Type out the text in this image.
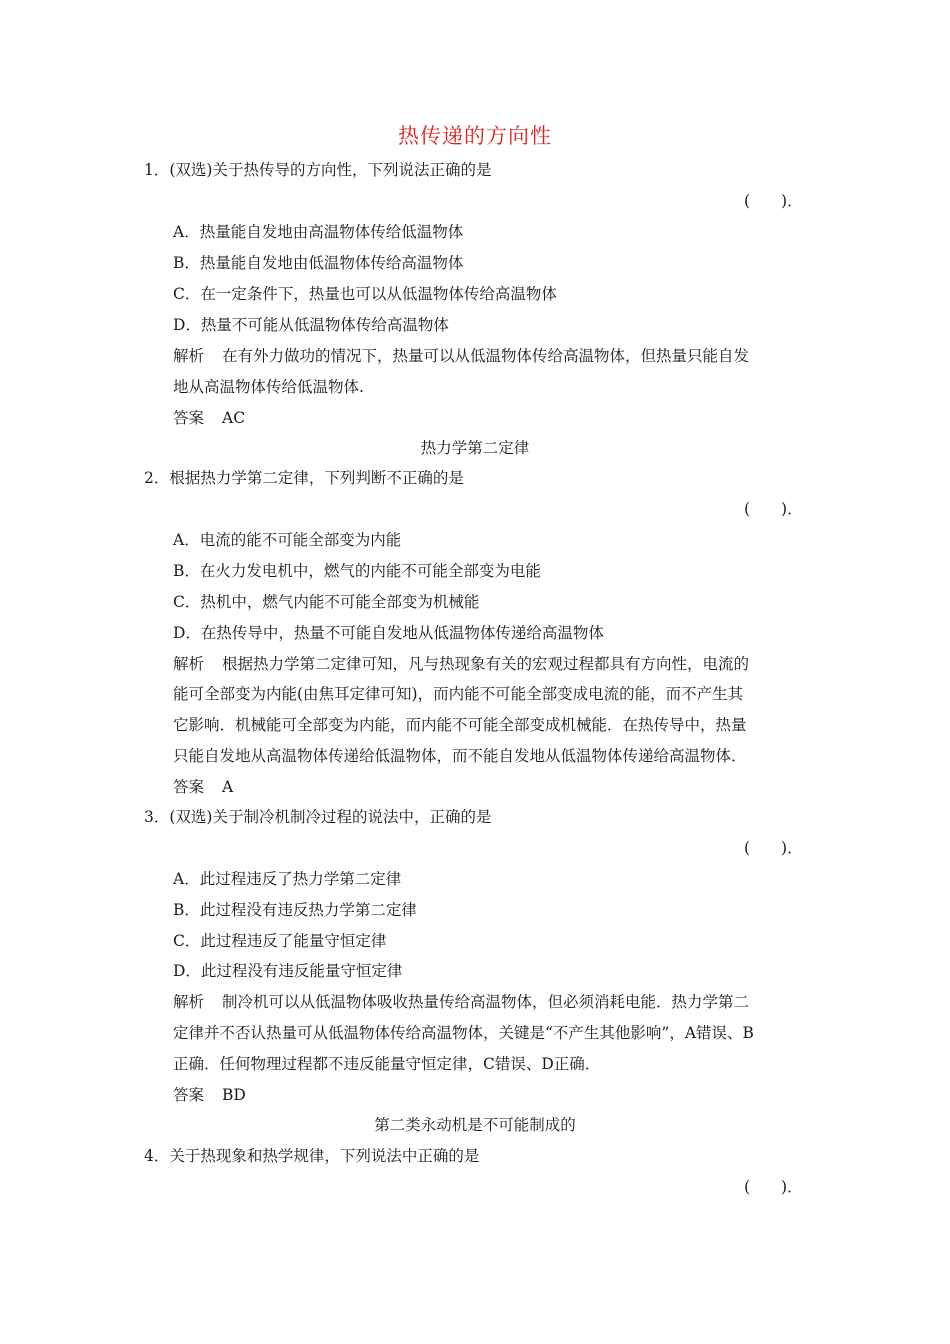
热传递的方向性
1．(双选)关于热传导的方向性，下列说法正确的是
(　　)．
A．热量能自发地由高温物体传给低温物体
B．热量能自发地由低温物体传给高温物体
C．在一定条件下，热量也可以从低温物体传给高温物体
D．热量不可能从低温物体传给高温物体
解析 在有外力做功的情况下，热量可以从低温物体传给高温物体，但热量只能自发
地从高温物体传给低温物体.
答案 AC
热力学第二定律
2．根据热力学第二定律，下列判断不正确的是
(　　)．
A．电流的能不可能全部变为内能
B．在火力发电机中，燃气的内能不可能全部变为电能
C．热机中，燃气内能不可能全部变为机械能
D．在热传导中，热量不可能自发地从低温物体传递给高温物体
解析 根据热力学第二定律可知，凡与热现象有关的宏观过程都具有方向性，电流的
能可全部变为内能(由焦耳定律可知)，而内能不可能全部变成电流的能，而不产生其
它影响．机械能可全部变为内能，而内能不可能全部变成机械能．在热传导中，热量
只能自发地从高温物体传递给低温物体，而不能自发地从低温物体传递给高温物体．
答案 A
3．(双选)关于制冷机制冷过程的说法中，正确的是
(　　)．
A．此过程违反了热力学第二定律
B．此过程没有违反热力学第二定律
C．此过程违反了能量守恒定律
D．此过程没有违反能量守恒定律
解析 制冷机可以从低温物体吸收热量传给高温物体，但必须消耗电能．热力学第二
定律并不否认热量可从低温物体传给高温物体，关键是“不产生其他影响”，A错误、B
正确．任何物理过程都不违反能量守恒定律，C错误、D正确．
答案 BD
第二类永动机是不可能制成的
4．关于热现象和热学规律，下列说法中正确的是
(　　)．
